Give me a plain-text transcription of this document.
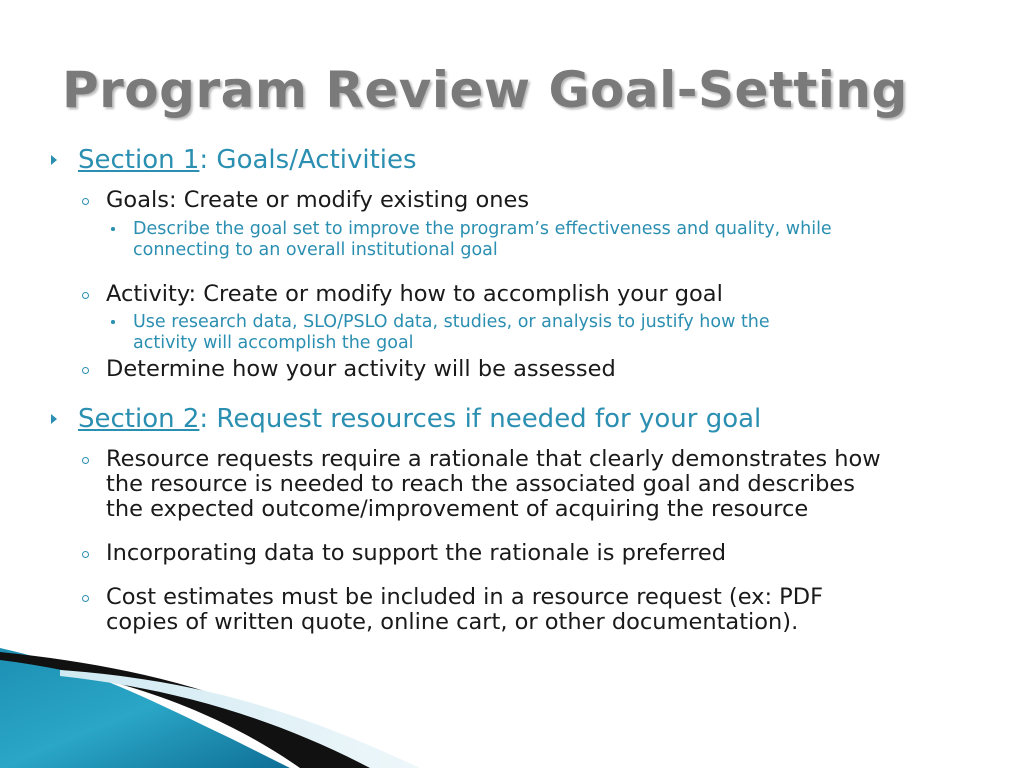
Program Review Goal-Setting
Section 1: Goals/Activities
Goals: Create or modify existing ones
Describe the goal set to improve the program’s effectiveness and quality, while
connecting to an overall institutional goal
Activity: Create or modify how to accomplish your goal
Use research data, SLO/PSLO data, studies, or analysis to justify how the
activity will accomplish the goal
Determine how your activity will be assessed
Section 2: Request resources if needed for your goal
Resource requests require a rationale that clearly demonstrates how
the resource is needed to reach the associated goal and describes
the expected outcome/improvement of acquiring the resource
Incorporating data to support the rationale is preferred
Cost estimates must be included in a resource request (ex: PDF
copies of written quote, online cart, or other documentation).
